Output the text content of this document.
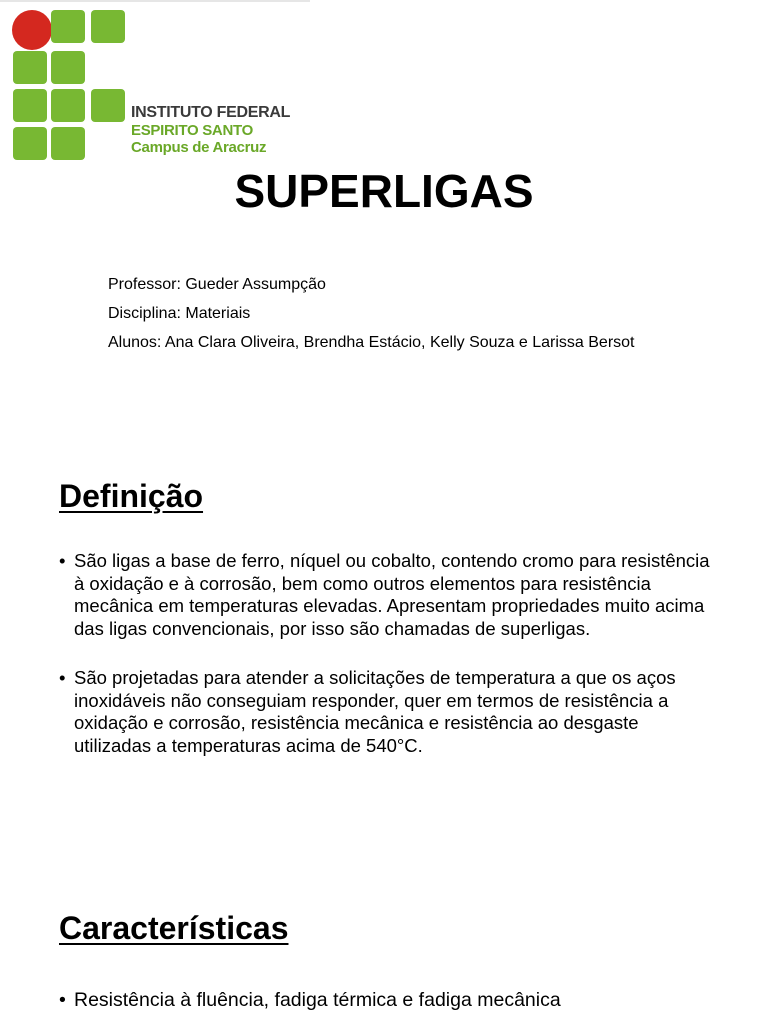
INSTITUTO FEDERAL
ESPIRITO SANTO
Campus de Aracruz
SUPERLIGAS

Professor: Gueder Assumpção

Disciplina: Materiais

Alunos: Ana Clara Oliveira, Brendha Estácio, Kelly Souza e Larissa Bersot

Definição
• São ligas a base de ferro, níquel ou cobalto, contendo cromo para resistência à oxidação e à corrosão, bem como outros elementos para resistência mecânica em temperaturas elevadas. Apresentam propriedades muito acima das ligas convencionais, por isso são chamadas de superligas.
• São projetadas para atender a solicitações de temperatura a que os aços inoxidáveis não conseguiam responder, quer em termos de resistência a oxidação e corrosão, resistência mecânica e resistência ao desgaste utilizadas a temperaturas acima de 540°C.
Características
• Resistência à fluência, fadiga térmica e fadiga mecânica
